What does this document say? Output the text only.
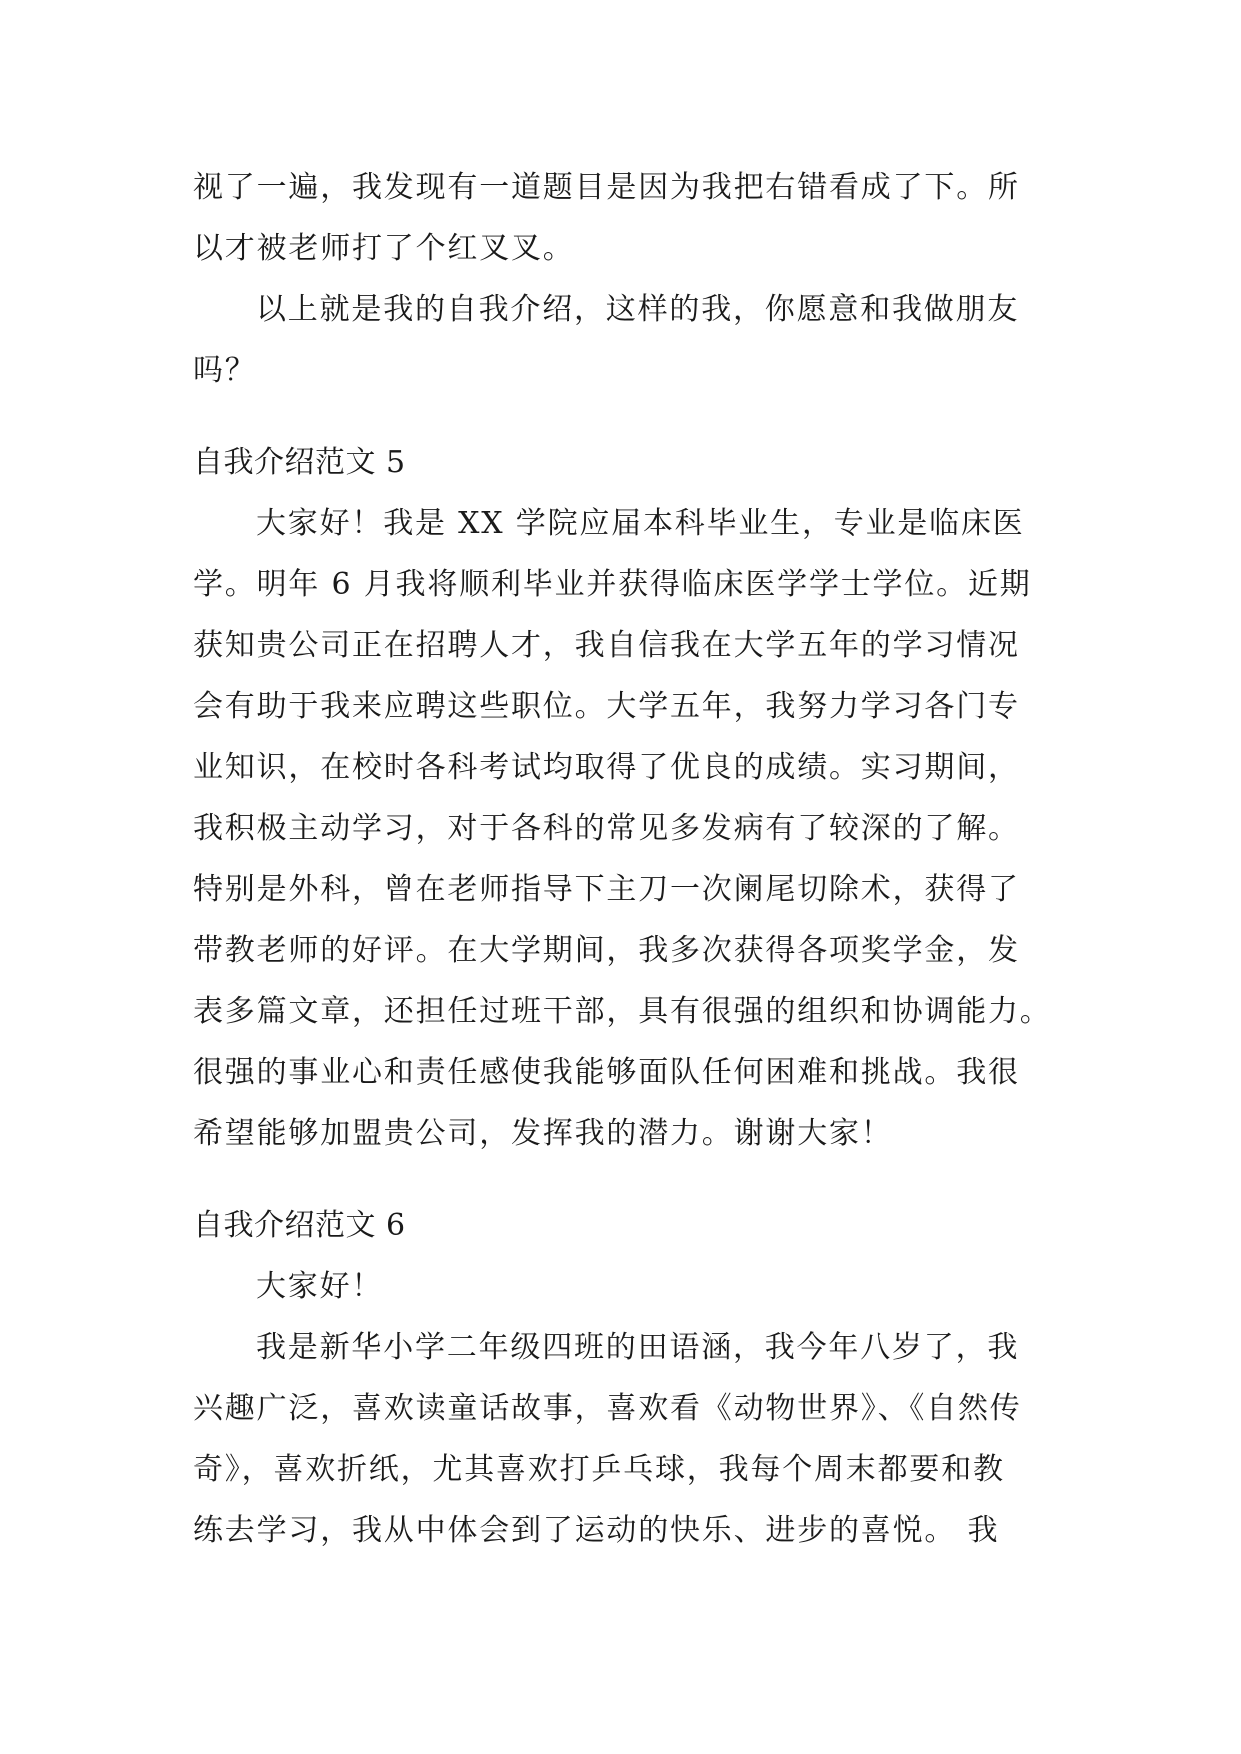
视了一遍，我发现有一道题目是因为我把右错看成了下。所
以才被老师打了个红叉叉。
以上就是我的自我介绍，这样的我，你愿意和我做朋友
吗？
自我介绍范文 5
大家好！我是 XX 学院应届本科毕业生，专业是临床医
学。明年 6 月我将顺利毕业并获得临床医学学士学位。近期
获知贵公司正在招聘人才，我自信我在大学五年的学习情况
会有助于我来应聘这些职位。大学五年，我努力学习各门专
业知识，在校时各科考试均取得了优良的成绩。实习期间，
我积极主动学习，对于各科的常见多发病有了较深的了解。
特别是外科，曾在老师指导下主刀一次阑尾切除术，获得了
带教老师的好评。在大学期间，我多次获得各项奖学金，发
表多篇文章，还担任过班干部，具有很强的组织和协调能力。
很强的事业心和责任感使我能够面队任何困难和挑战。我很
希望能够加盟贵公司，发挥我的潜力。谢谢大家！
自我介绍范文 6
大家好！
我是新华小学二年级四班的田语涵，我今年八岁了，我
兴趣广泛，喜欢读童话故事，喜欢看《动物世界》、《自然传
奇》，喜欢折纸，尤其喜欢打乒乓球，我每个周末都要和教
练去学习，我从中体会到了运动的快乐、进步的喜悦。 我
